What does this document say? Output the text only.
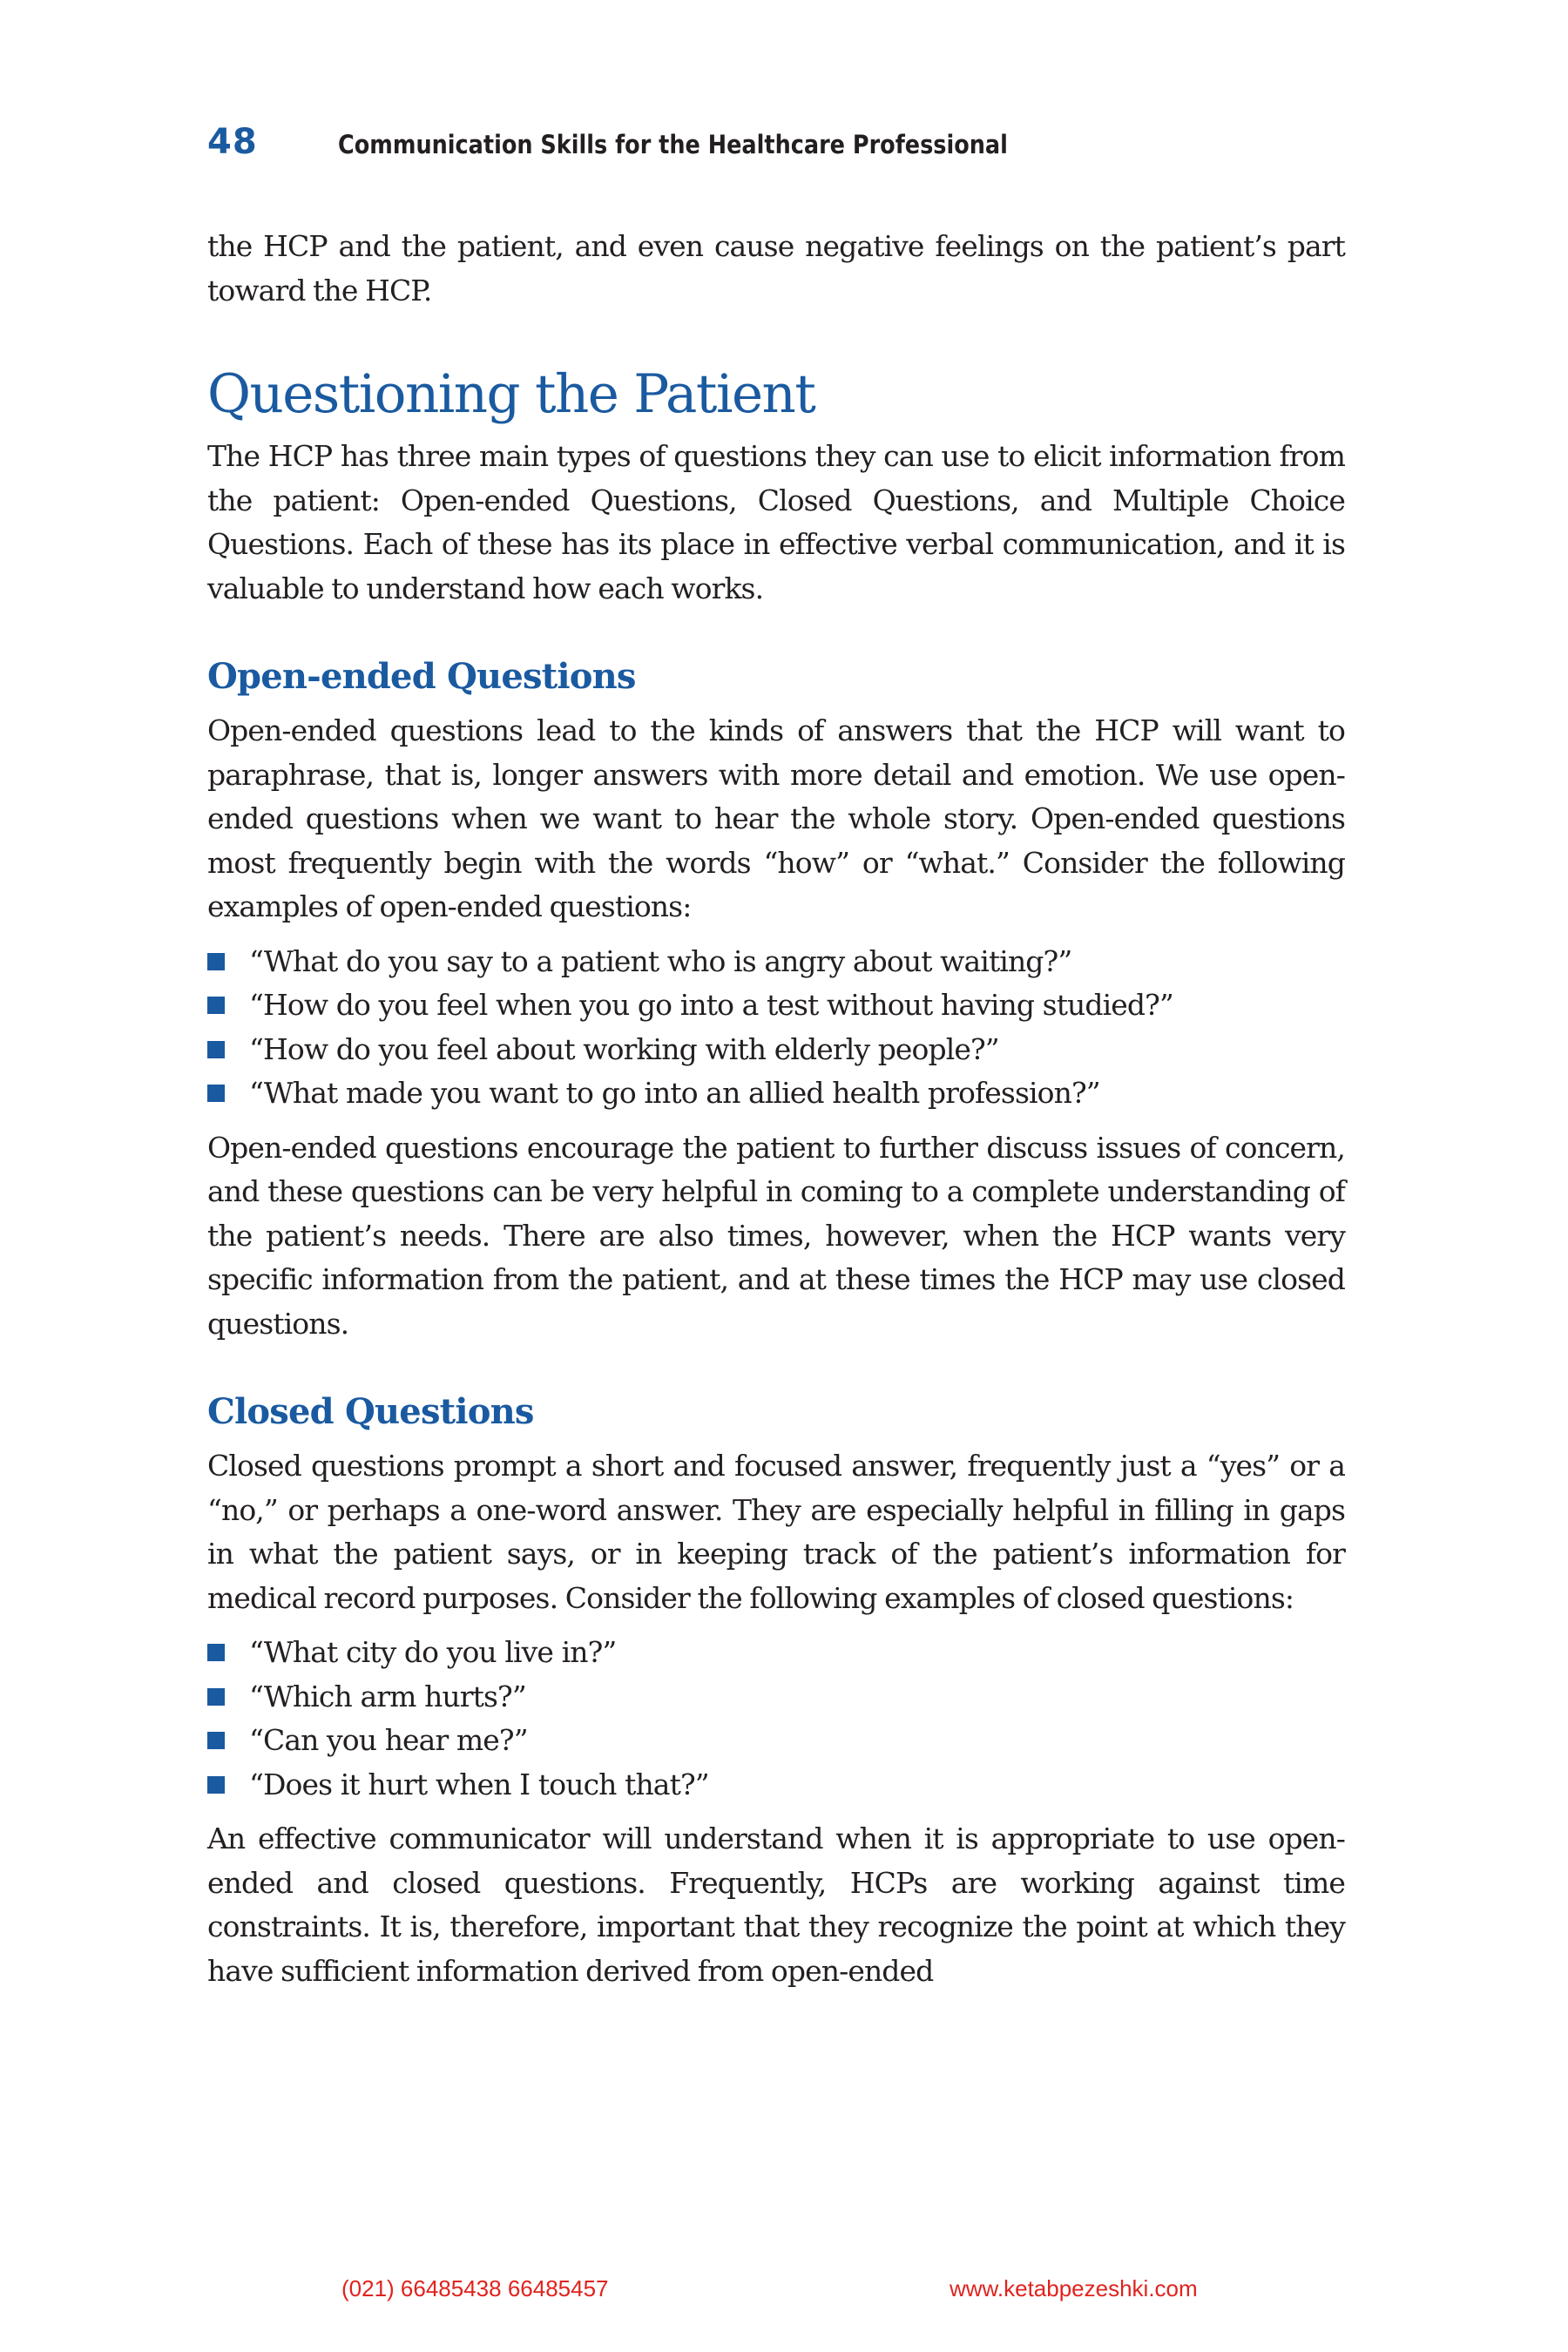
48	Communication Skills for the Healthcare Professional

the HCP and the patient, and even cause negative feelings on the patient’s part toward the HCP.

Questioning the Patient

The HCP has three main types of questions they can use to elicit information from the patient: Open-ended Questions, Closed Questions, and Multiple Choice Questions. Each of these has its place in effective verbal communication, and it is valuable to understand how each works.

Open-ended Questions

Open-ended questions lead to the kinds of answers that the HCP will want to paraphrase, that is, longer answers with more detail and emotion. We use open-ended questions when we want to hear the whole story. Open-ended questions most frequently begin with the words “how” or “what.” Consider the following examples of open-ended questions:

“What do you say to a patient who is angry about waiting?”
“How do you feel when you go into a test without having studied?”
“How do you feel about working with elderly people?”
“What made you want to go into an allied health profession?”

Open-ended questions encourage the patient to further discuss issues of concern, and these questions can be very helpful in coming to a complete understanding of the patient’s needs. There are also times, however, when the HCP wants very specific information from the patient, and at these times the HCP may use closed questions.

Closed Questions

Closed questions prompt a short and focused answer, frequently just a “yes” or a “no,” or perhaps a one-word answer. They are especially helpful in filling in gaps in what the patient says, or in keeping track of the patient’s information for medical record purposes. Consider the following examples of closed questions:

“What city do you live in?”
“Which arm hurts?”
“Can you hear me?”
“Does it hurt when I touch that?”

An effective communicator will understand when it is appropriate to use open-ended and closed questions. Frequently, HCPs are working against time constraints. It is, therefore, important that they recognize the point at which they have sufficient information derived from open-ended

(021) 66485438 66485457	www.ketabpezeshki.com
